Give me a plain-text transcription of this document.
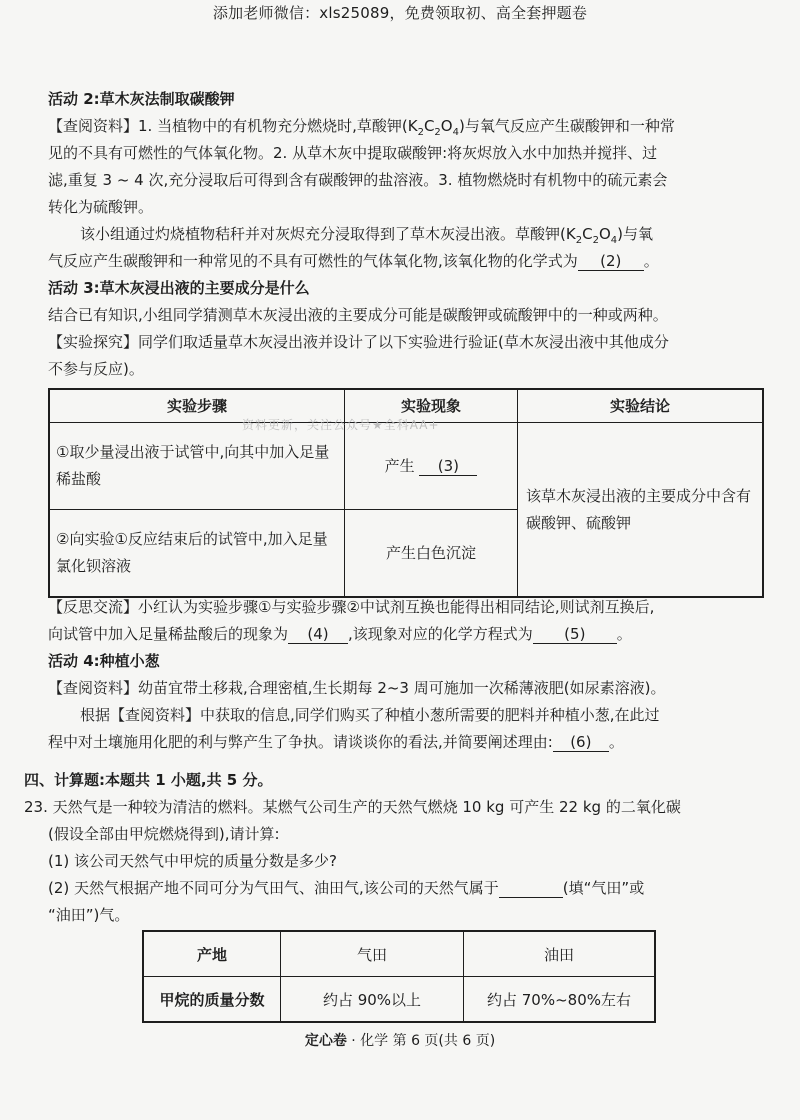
添加老师微信：xls25089，免费领取初、高全套押题卷

活动 2:草木灰法制取碳酸钾

【查阅资料】1. 当植物中的有机物充分燃烧时,草酸钾$(K_2C_2O_4)$与氧气反应产生碳酸钾和一种常

见的不具有可燃性的气体氧化物。2. 从草木灰中提取碳酸钾:将灰烬放入水中加热并搅拌、过

滤,重复 3 ~ 4 次,充分浸取后可得到含有碳酸钾的盐溶液。3. 植物燃烧时有机物中的硫元素会

转化为硫酸钾。

该小组通过灼烧植物秸秆并对灰烬充分浸取得到了草木灰浸出液。草酸钾$(K_2C_2O_4)$与氧

气反应产生碳酸钾和一种常见的不具有可燃性的气体氧化物,该氧化物的化学式为 (2) 。

活动 3:草木灰浸出液的主要成分是什么

结合已有知识,小组同学猜测草木灰浸出液的主要成分可能是碳酸钾或硫酸钾中的一种或两种。

【实验探究】同学们取适量草木灰浸出液并设计了以下实验进行验证(草木灰浸出液中其他成分

不参与反应)。

实验步骤	实验现象	实验结论
①取少量浸出液于试管中,向其中加入足量稀盐酸	产生 (3)	该草木灰浸出液的主要成分中含有碳酸钾、硫酸钾
②向实验①反应结束后的试管中,加入足量氯化钡溶液	产生白色沉淀	
资料更新，关注公众号★全科AA+

【反思交流】小红认为实验步骤①与实验步骤②中试剂互换也能得出相同结论,则试剂互换后,

向试管中加入足量稀盐酸后的现象为 (4) ,该现象对应的化学方程式为 (5) 。

活动 4:种植小葱

【查阅资料】幼苗宜带土移栽,合理密植,生长期每 2~3 周可施加一次稀薄液肥(如尿素溶液)。

根据【查阅资料】中获取的信息,同学们购买了种植小葱所需要的肥料并种植小葱,在此过

程中对土壤施用化肥的利与弊产生了争执。请谈谈你的看法,并简要阐述理由: (6) 。

四、计算题:本题共 1 小题,共 5 分。

23. 天然气是一种较为清洁的燃料。某燃气公司生产的天然气燃烧 10 kg 可产生 22 kg 的二氧化碳

(假设全部由甲烷燃烧得到),请计算:

(1) 该公司天然气中甲烷的质量分数是多少?

(2) 天然气根据产地不同可分为气田气、油田气,该公司的天然气属于	(填“气田”或

“油田”)气。

产地	气田	油田
甲烷的质量分数	约占 90%以上	约占 70%~80%左右
定心卷 · 化学 第 6 页(共 6 页)
